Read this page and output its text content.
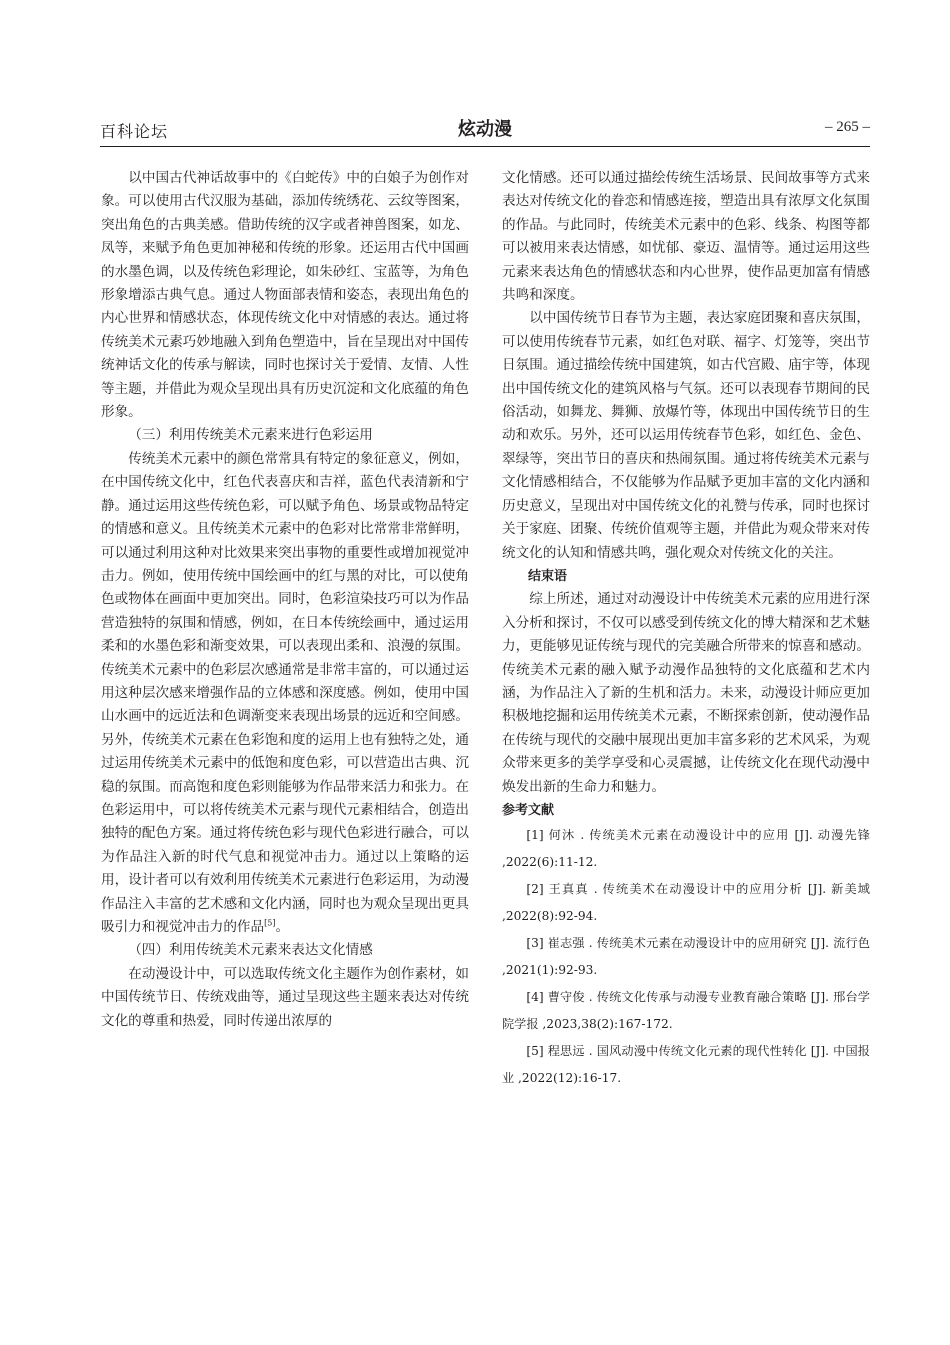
百科论坛	炫动漫	– 265 –

以中国古代神话故事中的《白蛇传》中的白娘子为创作对象。可以使用古代汉服为基础，添加传统绣花、云纹等图案，突出角色的古典美感。借助传统的汉字或者神兽图案，如龙、凤等，来赋予角色更加神秘和传统的形象。还运用古代中国画的水墨色调，以及传统色彩理论，如朱砂红、宝蓝等，为角色形象增添古典气息。通过人物面部表情和姿态，表现出角色的内心世界和情感状态，体现传统文化中对情感的表达。通过将传统美术元素巧妙地融入到角色塑造中，旨在呈现出对中国传统神话文化的传承与解读，同时也探讨关于爱情、友情、人性等主题，并借此为观众呈现出具有历史沉淀和文化底蕴的角色形象。

（三）利用传统美术元素来进行色彩运用

传统美术元素中的颜色常常具有特定的象征意义，例如，在中国传统文化中，红色代表喜庆和吉祥，蓝色代表清新和宁静。通过运用这些传统色彩，可以赋予角色、场景或物品特定的情感和意义。且传统美术元素中的色彩对比常常非常鲜明，可以通过利用这种对比效果来突出事物的重要性或增加视觉冲击力。例如，使用传统中国绘画中的红与黑的对比，可以使角色或物体在画面中更加突出。同时，色彩渲染技巧可以为作品营造独特的氛围和情感，例如，在日本传统绘画中，通过运用柔和的水墨色彩和渐变效果，可以表现出柔和、浪漫的氛围。传统美术元素中的色彩层次感通常是非常丰富的，可以通过运用这种层次感来增强作品的立体感和深度感。例如，使用中国山水画中的远近法和色调渐变来表现出场景的远近和空间感。另外，传统美术元素在色彩饱和度的运用上也有独特之处，通过运用传统美术元素中的低饱和度色彩，可以营造出古典、沉稳的氛围。而高饱和度色彩则能够为作品带来活力和张力。在色彩运用中，可以将传统美术元素与现代元素相结合，创造出独特的配色方案。通过将传统色彩与现代色彩进行融合，可以为作品注入新的时代气息和视觉冲击力。通过以上策略的运用，设计者可以有效利用传统美术元素进行色彩运用，为动漫作品注入丰富的艺术感和文化内涵，同时也为观众呈现出更具吸引力和视觉冲击力的作品[5]。

（四）利用传统美术元素来表达文化情感

在动漫设计中，可以选取传统文化主题作为创作素材，如中国传统节日、传统戏曲等，通过呈现这些主题来表达对传统文化的尊重和热爱，同时传递出浓厚的

文化情感。还可以通过描绘传统生活场景、民间故事等方式来表达对传统文化的眷恋和情感连接，塑造出具有浓厚文化氛围的作品。与此同时，传统美术元素中的色彩、线条、构图等都可以被用来表达情感，如忧郁、豪迈、温情等。通过运用这些元素来表达角色的情感状态和内心世界，使作品更加富有情感共鸣和深度。

以中国传统节日春节为主题，表达家庭团聚和喜庆氛围，可以使用传统春节元素，如红色对联、福字、灯笼等，突出节日氛围。通过描绘传统中国建筑，如古代宫殿、庙宇等，体现出中国传统文化的建筑风格与气氛。还可以表现春节期间的民俗活动，如舞龙、舞狮、放爆竹等，体现出中国传统节日的生动和欢乐。另外，还可以运用传统春节色彩，如红色、金色、翠绿等，突出节日的喜庆和热闹氛围。通过将传统美术元素与文化情感相结合，不仅能够为作品赋予更加丰富的文化内涵和历史意义，呈现出对中国传统文化的礼赞与传承，同时也探讨关于家庭、团聚、传统价值观等主题，并借此为观众带来对传统文化的认知和情感共鸣，强化观众对传统文化的关注。

结束语

综上所述，通过对动漫设计中传统美术元素的应用进行深入分析和探讨，不仅可以感受到传统文化的博大精深和艺术魅力，更能够见证传统与现代的完美融合所带来的惊喜和感动。传统美术元素的融入赋予动漫作品独特的文化底蕴和艺术内涵，为作品注入了新的生机和活力。未来，动漫设计师应更加积极地挖掘和运用传统美术元素，不断探索创新，使动漫作品在传统与现代的交融中展现出更加丰富多彩的艺术风采，为观众带来更多的美学享受和心灵震撼，让传统文化在现代动漫中焕发出新的生命力和魅力。

参考文献

[1] 何沐 . 传统美术元素在动漫设计中的应用 [J]. 动漫先锋 ,2022(6):11-12.

[2] 王真真 . 传统美术在动漫设计中的应用分析 [J]. 新美域 ,2022(8):92-94.

[3] 崔志强 . 传统美术元素在动漫设计中的应用研究 [J]. 流行色 ,2021(1):92-93.

[4] 曹守俊 . 传统文化传承与动漫专业教育融合策略 [J]. 邢台学院学报 ,2023,38(2):167-172.

[5] 程思远 . 国风动漫中传统文化元素的现代性转化 [J]. 中国报业 ,2022(12):16-17.
